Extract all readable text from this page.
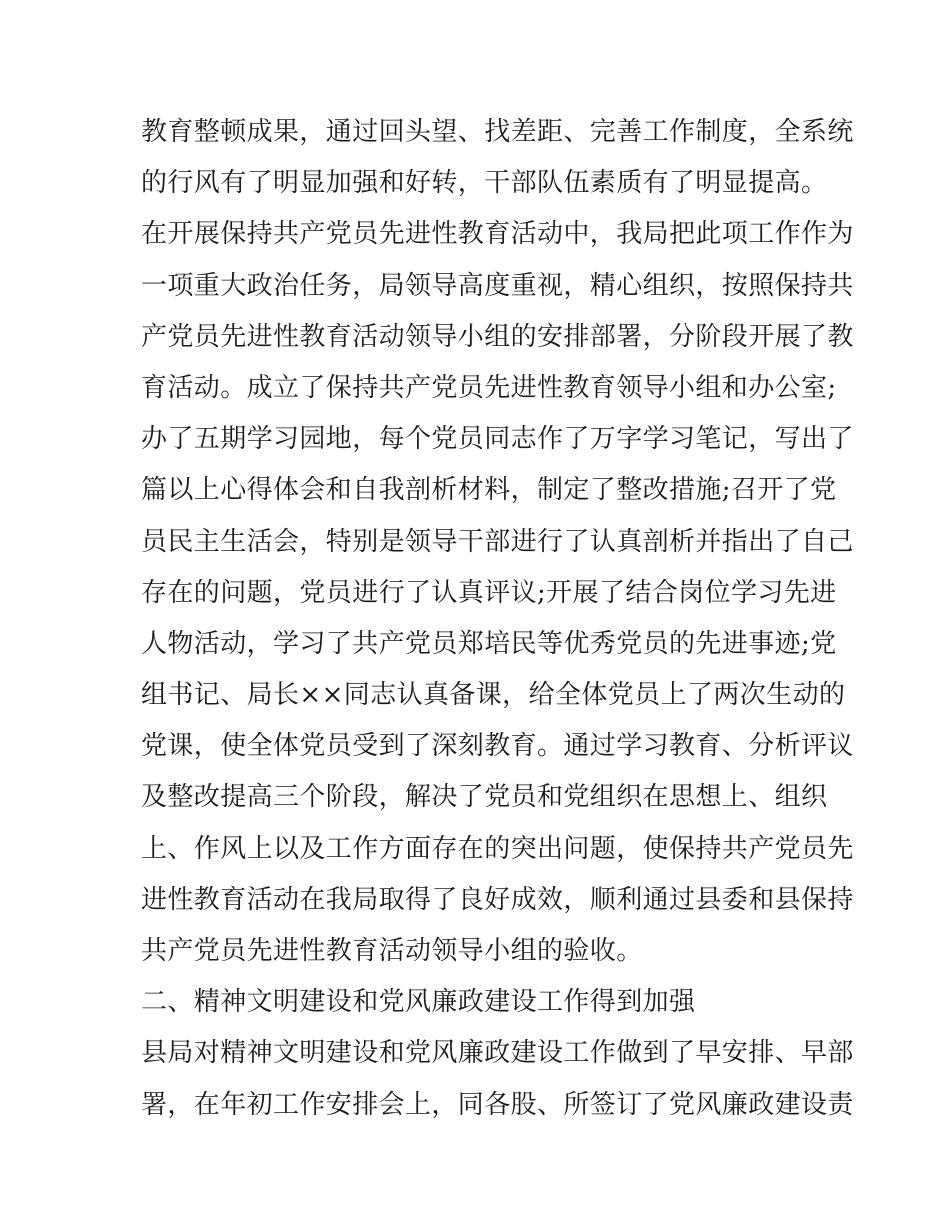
教育整顿成果，通过回头望、找差距、完善工作制度，全系统
的行风有了明显加强和好转，干部队伍素质有了明显提高。
在开展保持共产党员先进性教育活动中，我局把此项工作作为
一项重大政治任务，局领导高度重视，精心组织，按照保持共
产党员先进性教育活动领导小组的安排部署，分阶段开展了教
育活动。成立了保持共产党员先进性教育领导小组和办公室;
办了五期学习园地，每个党员同志作了万字学习笔记，写出了
篇以上心得体会和自我剖析材料，制定了整改措施;召开了党
员民主生活会，特别是领导干部进行了认真剖析并指出了自己
存在的问题，党员进行了认真评议;开展了结合岗位学习先进
人物活动，学习了共产党员郑培民等优秀党员的先进事迹;党
组书记、局长××同志认真备课，给全体党员上了两次生动的
党课，使全体党员受到了深刻教育。通过学习教育、分析评议
及整改提高三个阶段，解决了党员和党组织在思想上、组织
上、作风上以及工作方面存在的突出问题，使保持共产党员先
进性教育活动在我局取得了良好成效，顺利通过县委和县保持
共产党员先进性教育活动领导小组的验收。
二、精神文明建设和党风廉政建设工作得到加强
县局对精神文明建设和党风廉政建设工作做到了早安排、早部
署，在年初工作安排会上，同各股、所签订了党风廉政建设责
